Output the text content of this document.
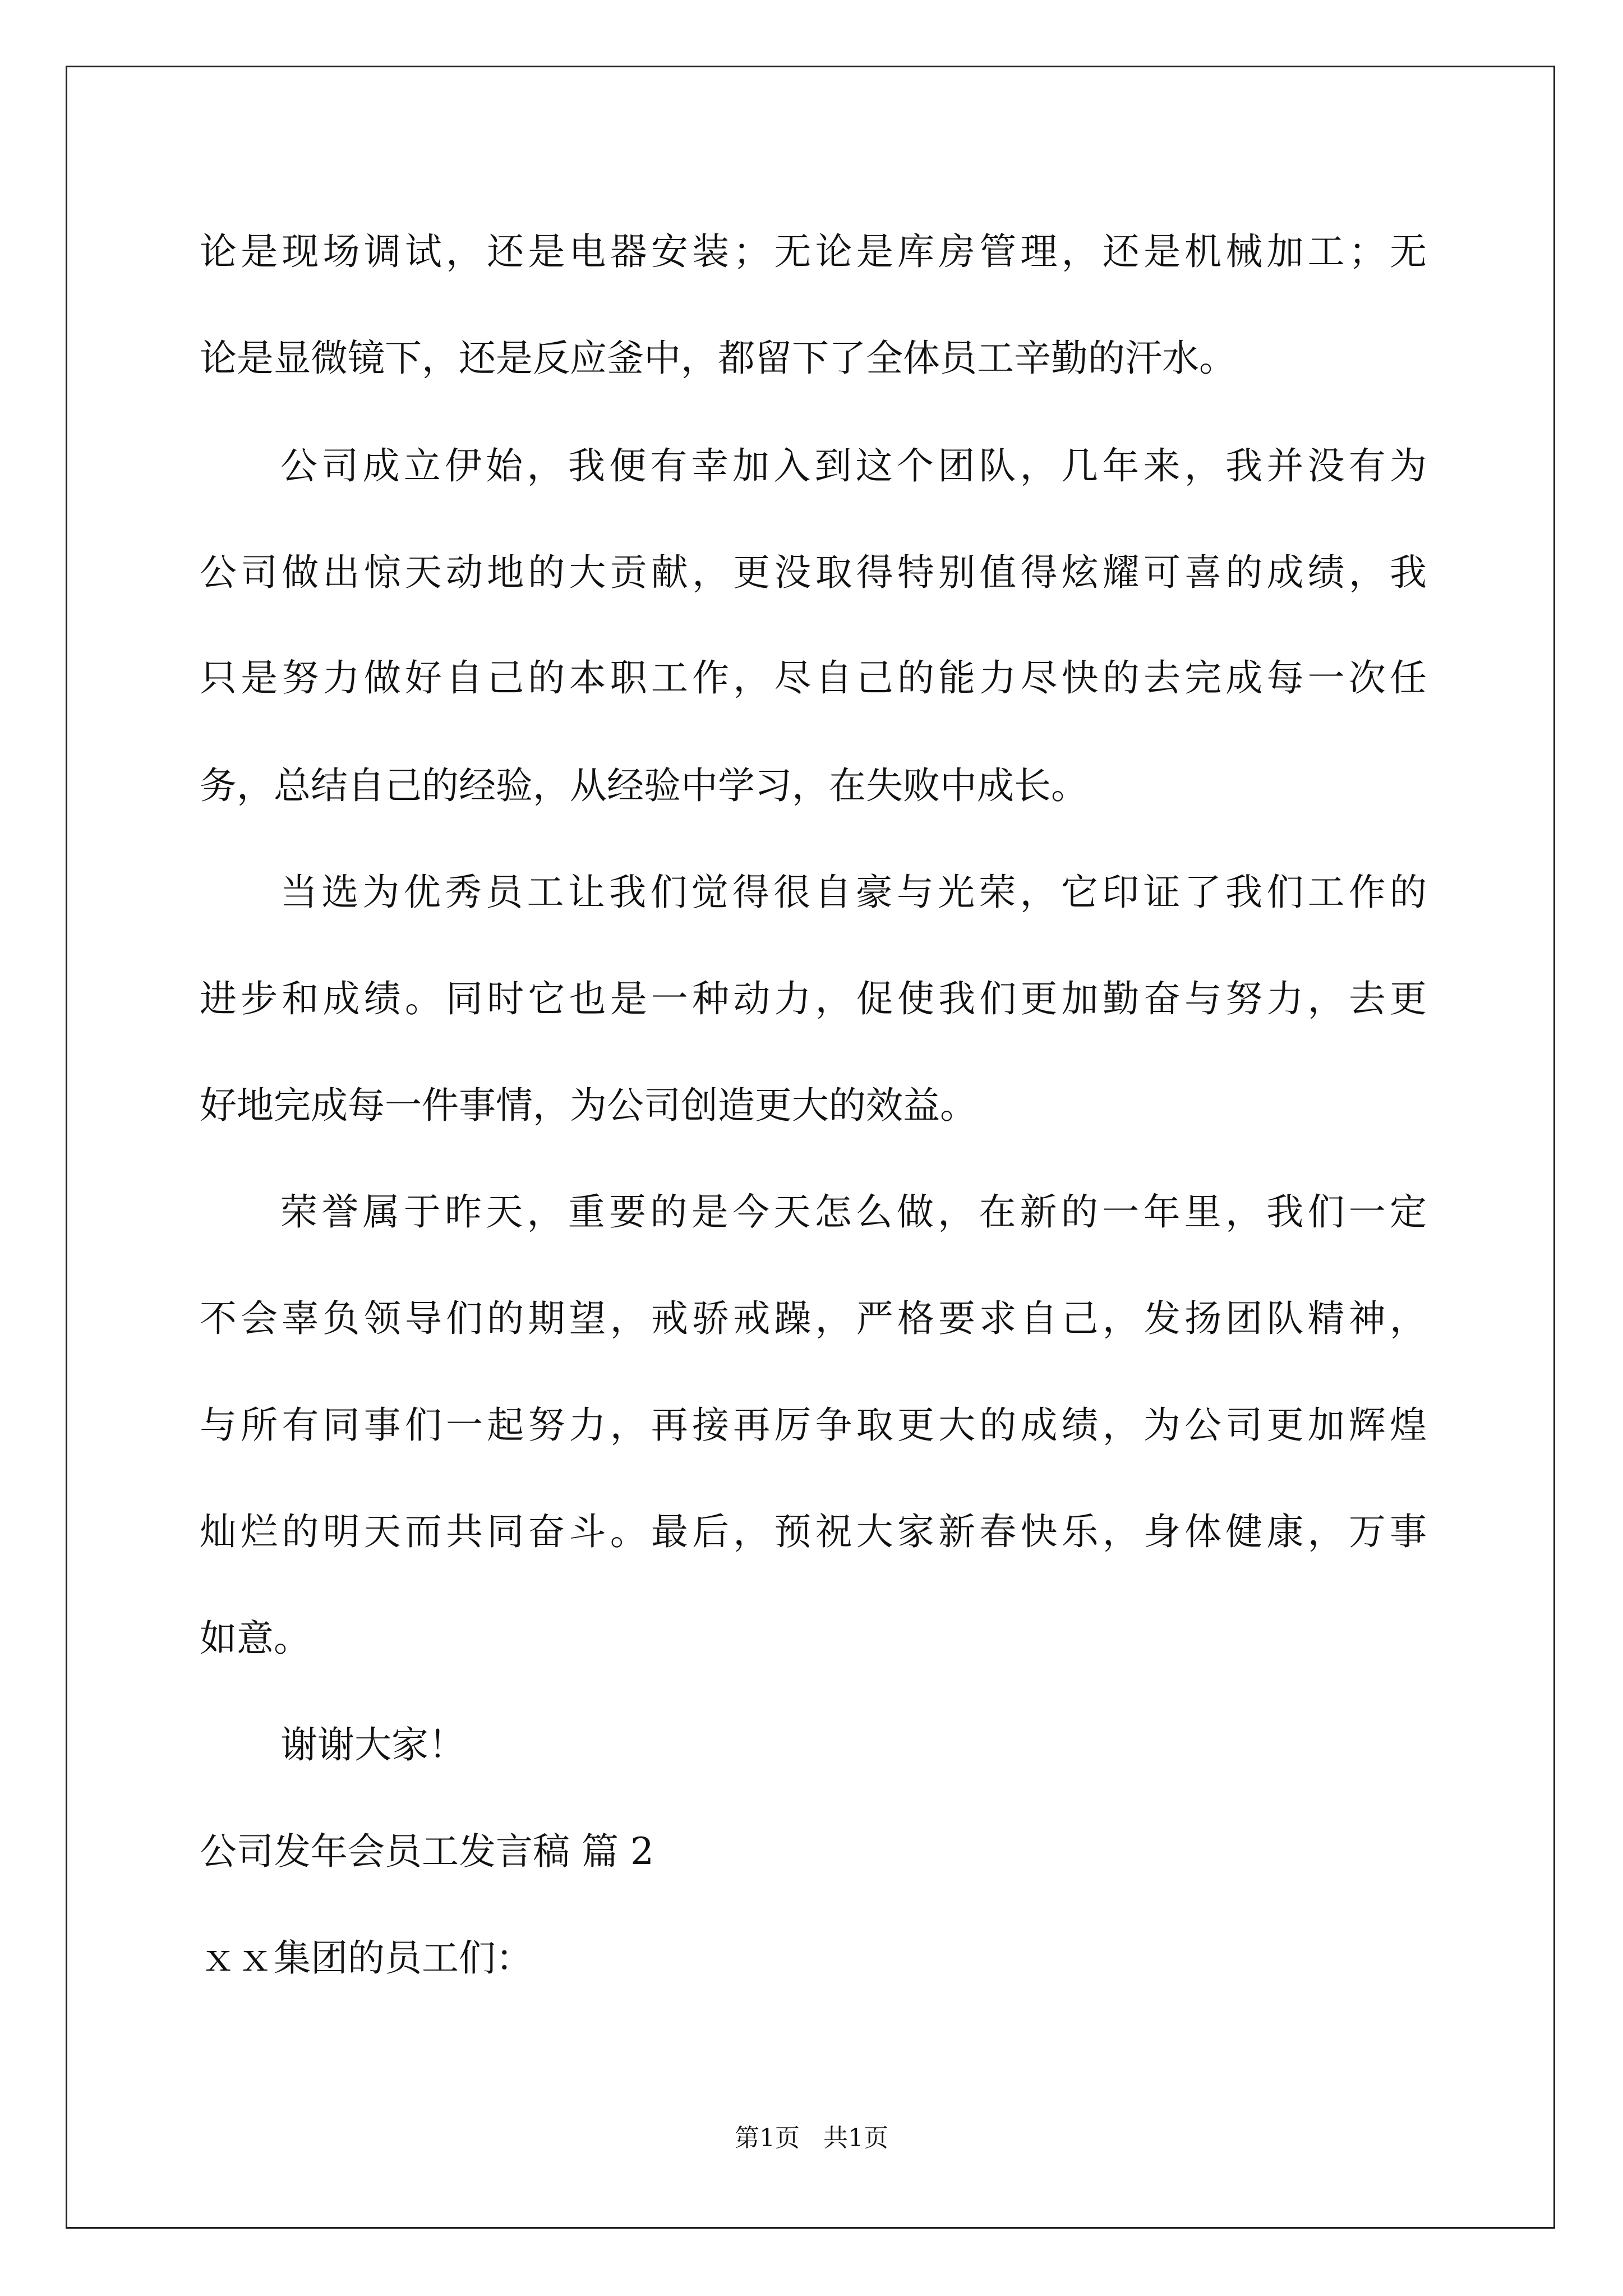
论是现场调试，还是电器安装；无论是库房管理，还是机械加工；无
论是显微镜下，还是反应釜中，都留下了全体员工辛勤的汗水。
公司成立伊始，我便有幸加入到这个团队，几年来，我并没有为
公司做出惊天动地的大贡献，更没取得特别值得炫耀可喜的成绩，我
只是努力做好自己的本职工作，尽自己的能力尽快的去完成每一次任
务，总结自己的经验，从经验中学习，在失败中成长。
当选为优秀员工让我们觉得很自豪与光荣，它印证了我们工作的
进步和成绩。同时它也是一种动力，促使我们更加勤奋与努力，去更
好地完成每一件事情，为公司创造更大的效益。
荣誉属于昨天，重要的是今天怎么做，在新的一年里，我们一定
不会辜负领导们的期望，戒骄戒躁，严格要求自己，发扬团队精神，
与所有同事们一起努力，再接再厉争取更大的成绩，为公司更加辉煌
灿烂的明天而共同奋斗。最后，预祝大家新春快乐，身体健康，万事
如意。
谢谢大家！
公司发年会员工发言稿 篇 2
ｘｘ集团的员工们：
第1页   共1页
